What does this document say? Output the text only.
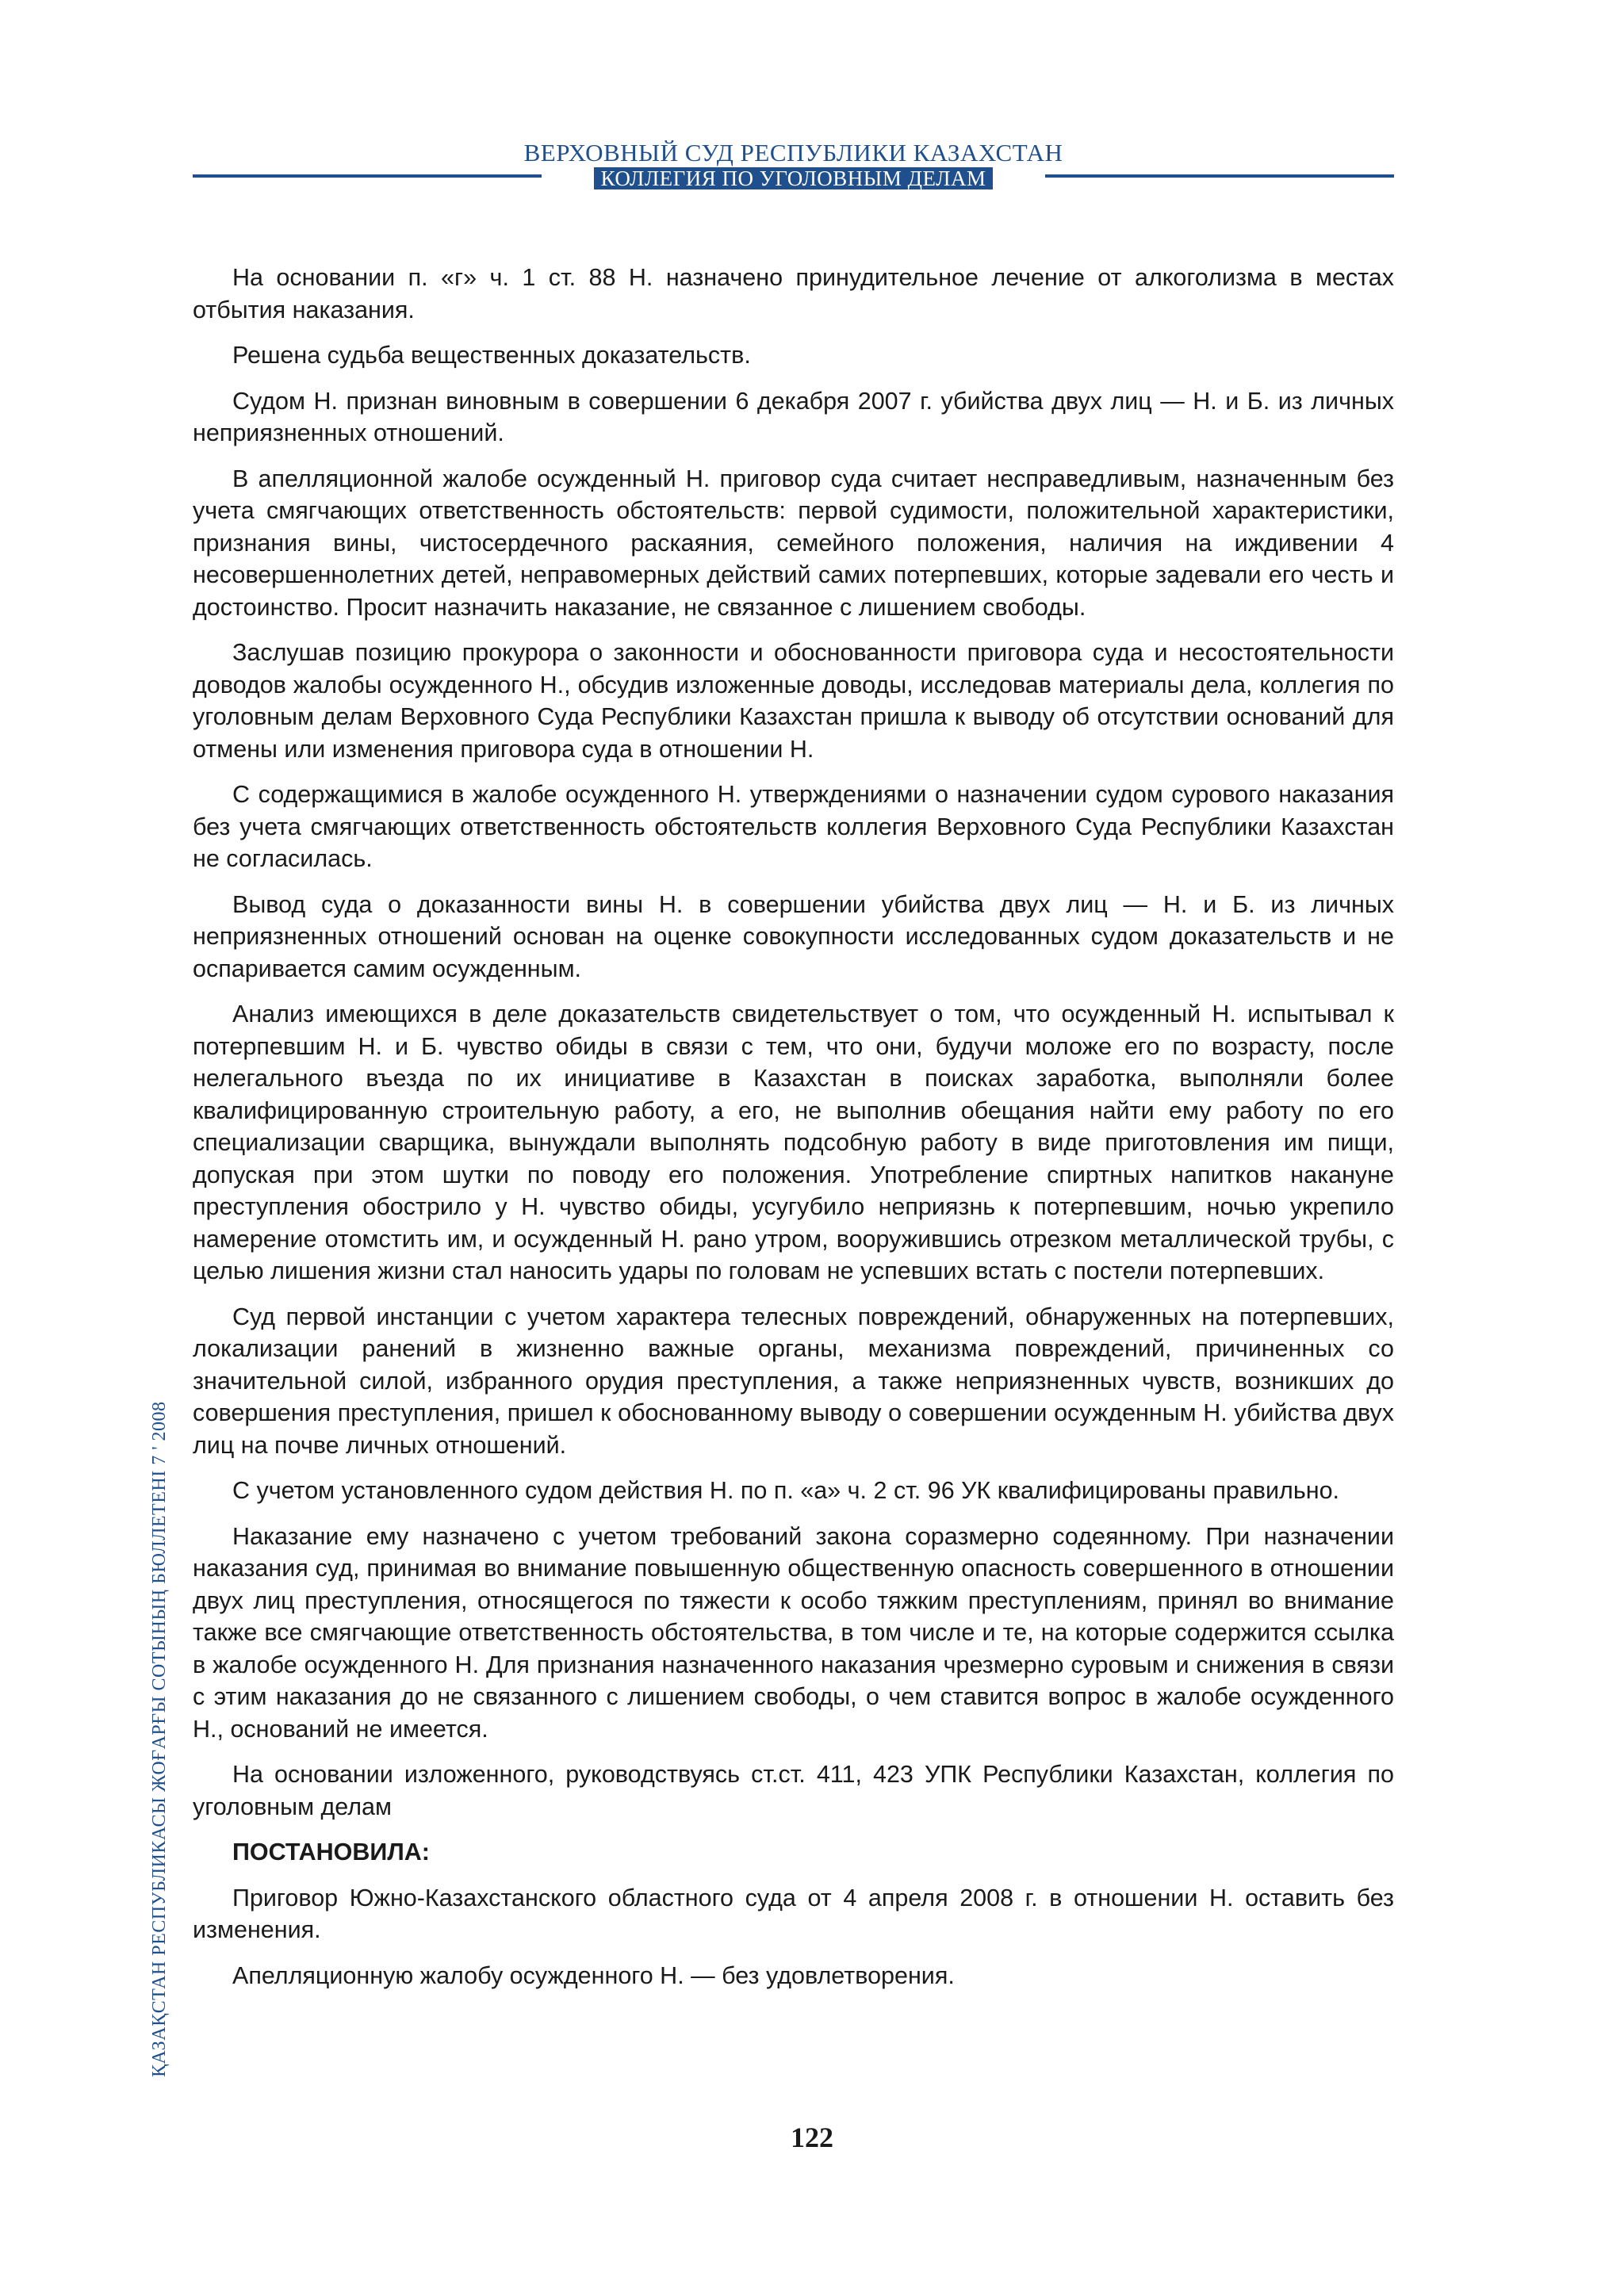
ВЕРХОВНЫЙ СУД РЕСПУБЛИКИ КАЗАХСТАН
КОЛЛЕГИЯ ПО УГОЛОВНЫМ ДЕЛАМ

На основании п. «г» ч. 1 ст. 88 Н. назначено принудительное лечение от алкоголизма в местах отбытия наказания.

Решена судьба вещественных доказательств.

Судом Н. признан виновным в совершении 6 декабря 2007 г. убийства двух лиц — Н. и Б. из личных неприязненных отношений.

В апелляционной жалобе осужденный Н. приговор суда считает несправедливым, назначенным без учета смягчающих ответственность обстоятельств: первой судимости, положительной характеристики, признания вины, чистосердечного раскаяния, семейного положения, наличия на иждивении 4 несовершеннолетних детей, неправомерных действий самих потерпевших, которые задевали его честь и достоинство. Просит назначить наказание, не связанное с лишением свободы.

Заслушав позицию прокурора о законности и обоснованности приговора суда и несостоятельности доводов жалобы осужденного Н., обсудив изложенные доводы, исследовав материалы дела, коллегия по уголовным делам Верховного Суда Республики Казахстан пришла к выводу об отсутствии оснований для отмены или изменения приговора суда в отношении Н.

С содержащимися в жалобе осужденного Н. утверждениями о назначении судом сурового наказания без учета смягчающих ответственность обстоятельств коллегия Верховного Суда Республики Казахстан не согласилась.

Вывод суда о доказанности вины Н. в совершении убийства двух лиц — Н. и Б. из личных неприязненных отношений основан на оценке совокупности исследованных судом доказательств и не оспаривается самим осужденным.

Анализ имеющихся в деле доказательств свидетельствует о том, что осужденный Н. испытывал к потерпевшим Н. и Б. чувство обиды в связи с тем, что они, будучи моложе его по возрасту, после нелегального въезда по их инициативе в Казахстан в поисках заработка, выполняли более квалифицированную строительную работу, а его, не выполнив обещания найти ему работу по его специализации сварщика, вынуждали выполнять подсобную работу в виде приготовления им пищи, допуская при этом шутки по поводу его положения. Употребление спиртных напитков накануне преступления обострило у Н. чувство обиды, усугубило неприязнь к потерпевшим, ночью укрепило намерение отомстить им, и осужденный Н. рано утром, вооружившись отрезком металлической трубы, с целью лишения жизни стал наносить удары по головам не успевших встать с постели потерпевших.

Суд первой инстанции с учетом характера телесных повреждений, обнаруженных на потерпевших, локализации ранений в жизненно важные органы, механизма повреждений, причиненных со значительной силой, избранного орудия преступления, а также неприязненных чувств, возникших до совершения преступления, пришел к обоснованному выводу о совершении осужденным Н. убийства двух лиц на почве личных отношений.

С учетом установленного судом действия Н. по п. «а» ч. 2 ст. 96 УК квалифицированы правильно.

Наказание ему назначено с учетом требований закона соразмерно содеянному. При назначении наказания суд, принимая во внимание повышенную общественную опасность совершенного в отношении двух лиц преступления, относящегося по тяжести к особо тяжким преступлениям, принял во внимание также все смягчающие ответственность обстоятельства, в том числе и те, на которые содержится ссылка в жалобе осужденного Н. Для признания назначенного наказания чрезмерно суровым и снижения в связи с этим наказания до не связанного с лишением свободы, о чем ставится вопрос в жалобе осужденного Н., оснований не имеется.

На основании изложенного, руководствуясь ст.ст. 411, 423 УПК Республики Казахстан, коллегия по уголовным делам

ПОСТАНОВИЛА:

Приговор Южно-Казахстанского областного суда от 4 апреля 2008 г. в отношении Н. оставить без изменения.

Апелляционную жалобу осужденного Н. — без удовлетворения.

ҚАЗАҚСТАН РЕСПУБЛИКАСЫ ЖОҒАРҒЫ СОТЫНЫҢ БЮЛЛЕТЕНІ 7 ' 2008
122
